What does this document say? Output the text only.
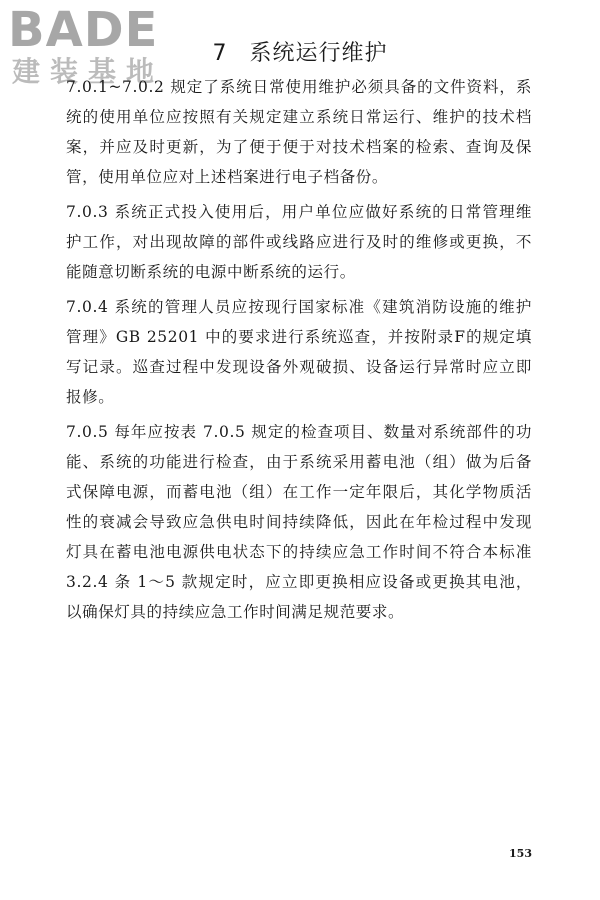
BADE
建装基地
7 系统运行维护

7.0.1~7.0.2 规定了系统日常使用维护必须具备的文件资料，系统的使用单位应按照有关规定建立系统日常运行、维护的技术档案，并应及时更新，为了便于便于对技术档案的检索、查询及保管，使用单位应对上述档案进行电子档备份。

7.0.3 系统正式投入使用后，用户单位应做好系统的日常管理维护工作，对出现故障的部件或线路应进行及时的维修或更换，不能随意切断系统的电源中断系统的运行。

7.0.4 系统的管理人员应按现行国家标准《建筑消防设施的维护管理》GB 25201 中的要求进行系统巡查，并按附录F的规定填写记录。巡查过程中发现设备外观破损、设备运行异常时应立即报修。

7.0.5 每年应按表 7.0.5 规定的检查项目、数量对系统部件的功能、系统的功能进行检查，由于系统采用蓄电池（组）做为后备式保障电源，而蓄电池（组）在工作一定年限后，其化学物质活性的衰减会导致应急供电时间持续降低，因此在年检过程中发现灯具在蓄电池电源供电状态下的持续应急工作时间不符合本标准 3.2.4 条 1～5 款规定时，应立即更换相应设备或更换其电池，以确保灯具的持续应急工作时间满足规范要求。

153
